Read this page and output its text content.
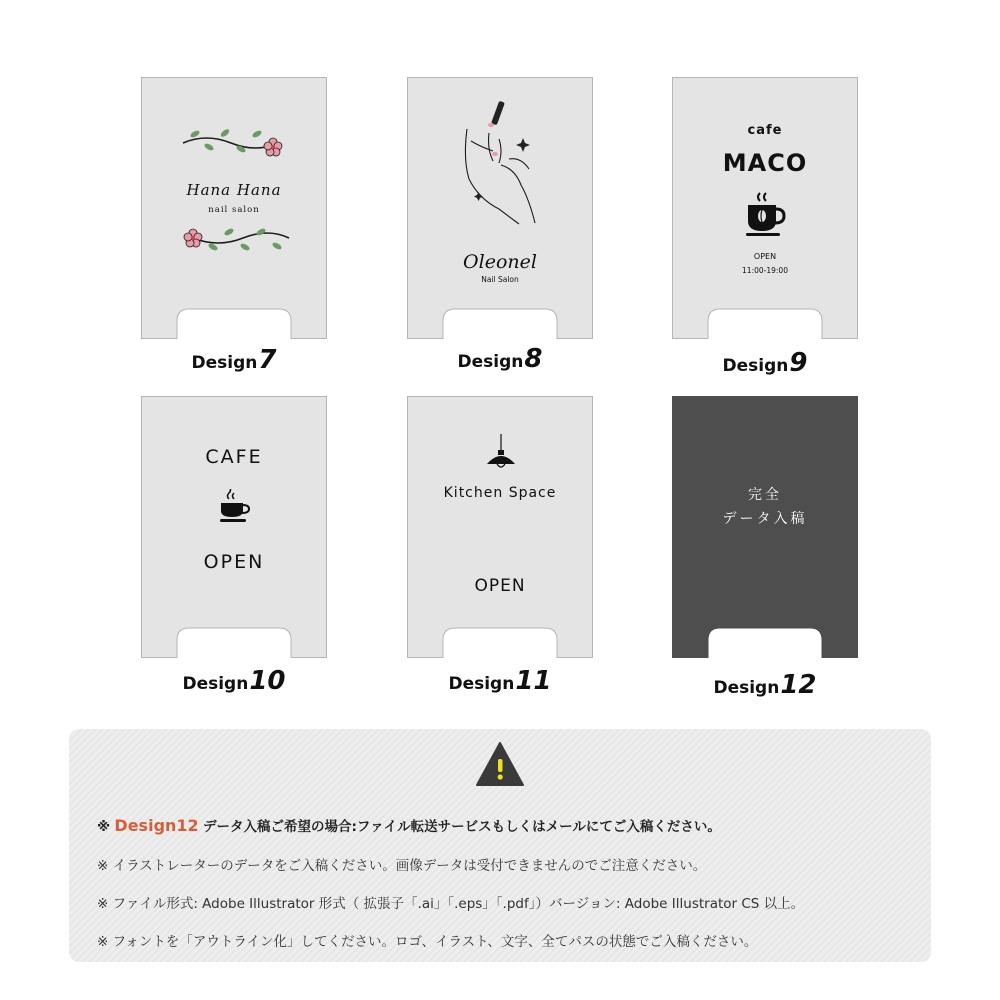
Hana Hana
nail salon
Design7
Oleonel
Nail Salon
Design8
cafe
MACO
OPEN
11:00-19:00
Design9
CAFE
OPEN
Design10
Kitchen Space
OPEN
Design11
完全
データ入稿
Design12
※ Design12 データ入稿ご希望の場合:ファイル転送サービスもしくはメールにてご入稿ください。
※ イラストレーターのデータをご入稿ください。画像データは受付できませんのでご注意ください。
※ ファイル形式: Adobe Illustrator 形式（ 拡張子「.ai」「.eps」「.pdf」）バージョン: Adobe Illustrator CS 以上。
※ フォントを「アウトライン化」してください。ロゴ、イラスト、文字、全てパスの状態でご入稿ください。
